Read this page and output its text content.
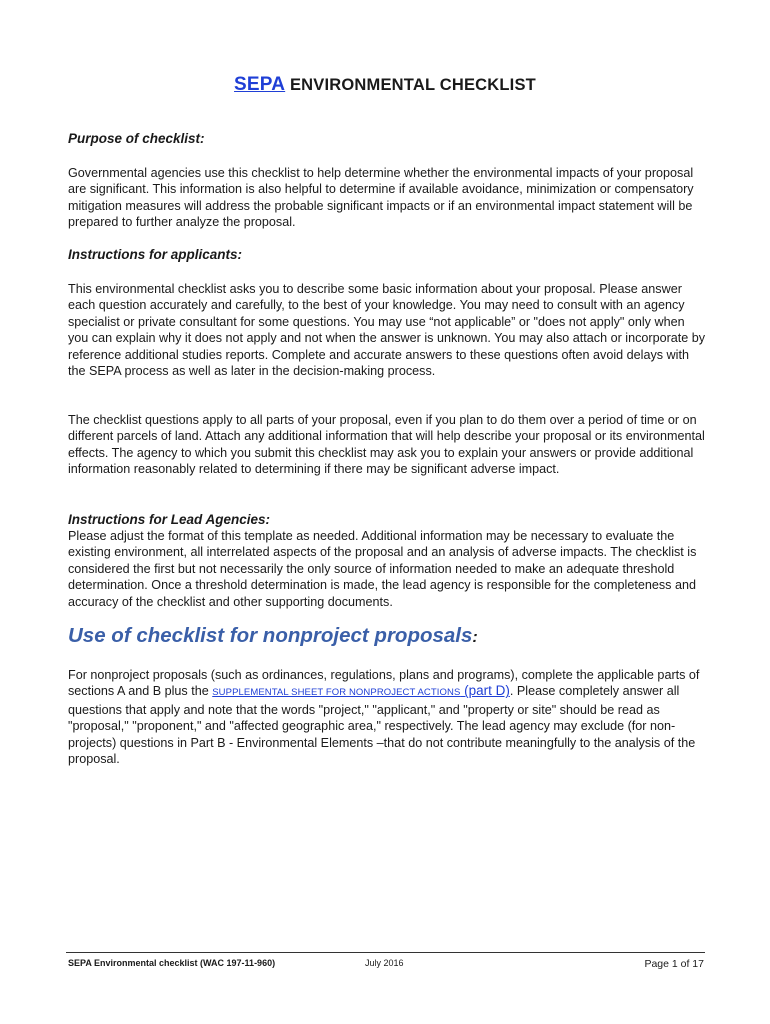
SEPA ENVIRONMENTAL CHECKLIST
Purpose of checklist:
Governmental agencies use this checklist to help determine whether the environmental impacts of your proposal are significant. This information is also helpful to determine if available avoidance, minimization or compensatory mitigation measures will address the probable significant impacts or if an environmental impact statement will be prepared to further analyze the proposal.
Instructions for applicants:
This environmental checklist asks you to describe some basic information about your proposal. Please answer each question accurately and carefully, to the best of your knowledge. You may need to consult with an agency specialist or private consultant for some questions. You may use “not applicable” or "does not apply" only when you can explain why it does not apply and not when the answer is unknown. You may also attach or incorporate by reference additional studies reports. Complete and accurate answers to these questions often avoid delays with the SEPA process as well as later in the decision-making process.
The checklist questions apply to all parts of your proposal, even if you plan to do them over a period of time or on different parcels of land. Attach any additional information that will help describe your proposal or its environmental effects. The agency to which you submit this checklist may ask you to explain your answers or provide additional information reasonably related to determining if there may be significant adverse impact.
Instructions for Lead Agencies:
Please adjust the format of this template as needed. Additional information may be necessary to evaluate the existing environment, all interrelated aspects of the proposal and an analysis of adverse impacts. The checklist is considered the first but not necessarily the only source of information needed to make an adequate threshold determination. Once a threshold determination is made, the lead agency is responsible for the completeness and accuracy of the checklist and other supporting documents.
Use of checklist for nonproject proposals:
For nonproject proposals (such as ordinances, regulations, plans and programs), complete the applicable parts of sections A and B plus the SUPPLEMENTAL SHEET FOR NONPROJECT ACTIONS (part D). Please completely answer all questions that apply and note that the words "project," "applicant," and "property or site" should be read as "proposal," "proponent," and "affected geographic area," respectively. The lead agency may exclude (for non-projects) questions in Part B - Environmental Elements –that do not contribute meaningfully to the analysis of the proposal.
SEPA Environmental checklist (WAC 197-11-960)	July 2016	Page 1 of 17
